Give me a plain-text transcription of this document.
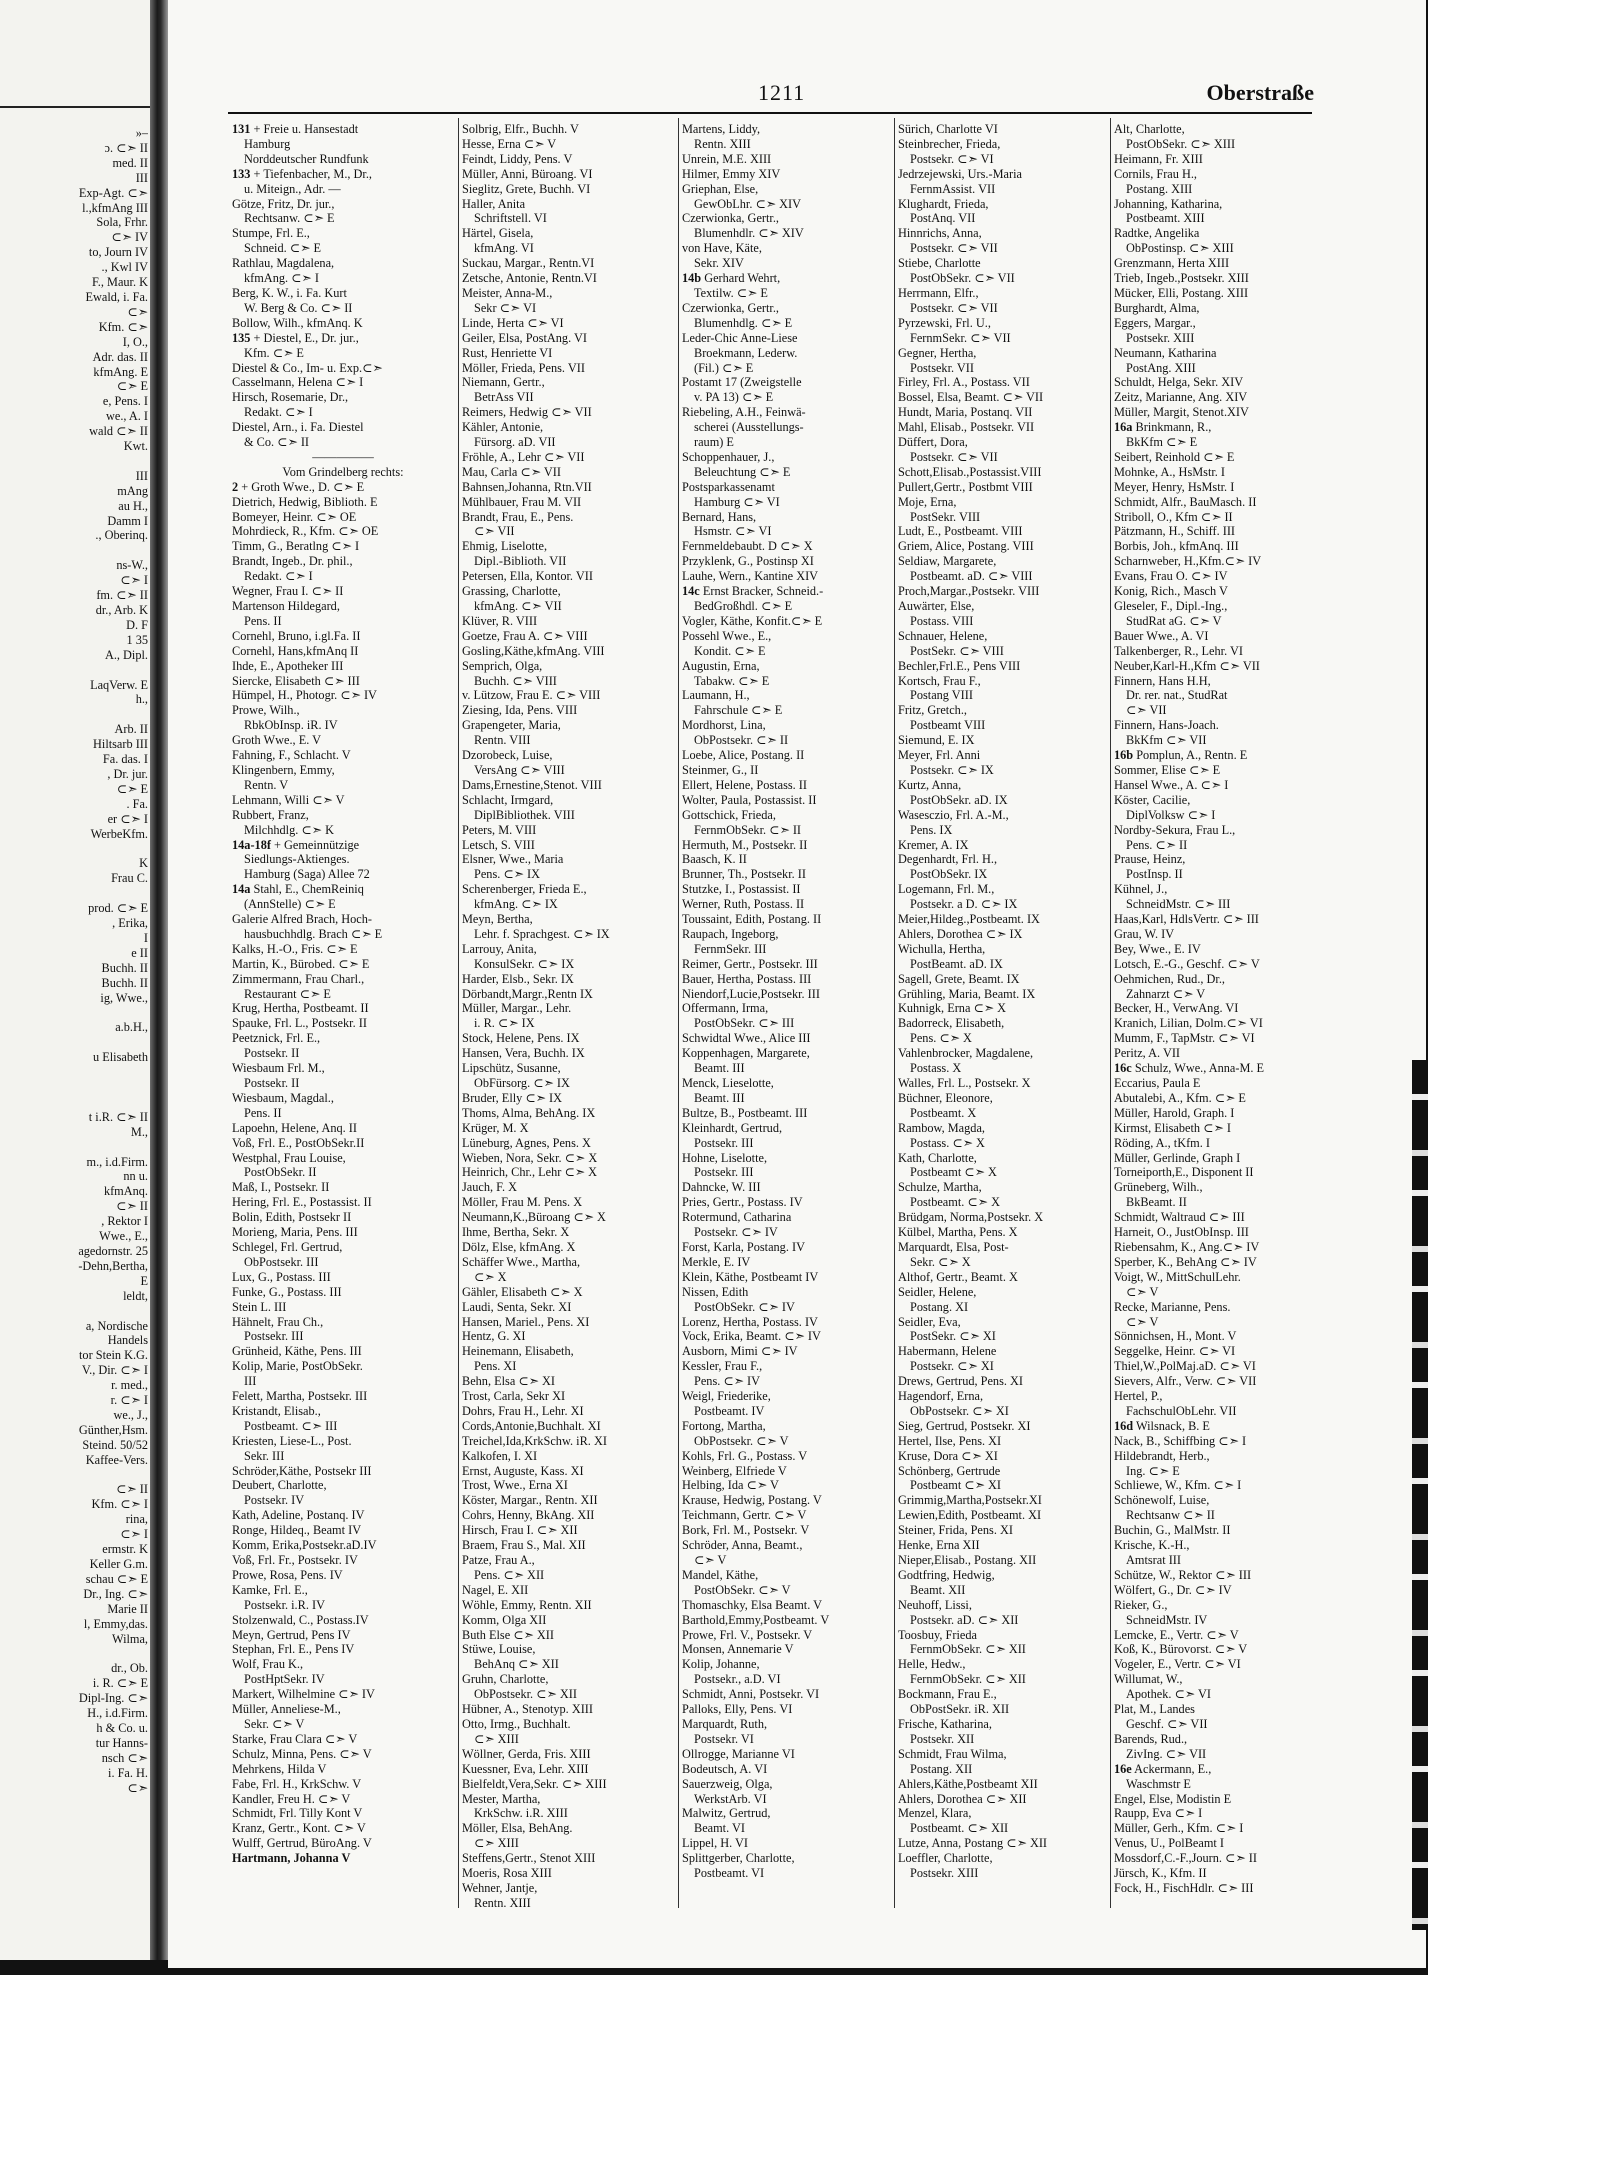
»–
ɔ. ⊂➣ II
med. II
III
Exp-Agt. ⊂➣
l.,kfmAng III
Sola, Frhr.
⊂➣ IV
to, Journ IV
., Kwl IV
F., Maur. K
Ewald, i. Fa.
⊂➣
Kfm. ⊂➣
I, O.,
Adr. das. II
kfmAng. E
⊂➣ E
e, Pens. I
we., A. I
wald ⊂➣ II
Kwt.

III
mAng
au H.,
Damm I
., Oberinq.

ns-W.,
⊂➣ I
fm. ⊂➣ II
dr., Arb. K
D. F
1 35
A., Dipl.

LaqVerw. E
h.,

Arb. II
Hiltsarb III
Fa. das. I
, Dr. jur.
⊂➣ E
. Fa.
er ⊂➣ I
WerbeKfm.

K
Frau C.

prod. ⊂➣ E
, Erika,
I
e II
Buchh. II
Buchh. II
ig, Wwe.,

a.b.H.,

u Elisabeth

t i.R. ⊂➣ II
M.,

m., i.d.Firm.
nn u.
kfmAnq.
⊂➣ II
, Rektor I
Wwe., E.,
agedornstr. 25
-Dehn,Bertha,
E
leldt,

a, Nordische
Handels
tor Stein K.G.
V., Dir. ⊂➣ I
r. med.,
r. ⊂➣ I
we., J.,
Günther,Hsm.
Steind. 50/52
Kaffee-Vers.

⊂➣ II
Kfm. ⊂➣ I
rina,
⊂➣ I
ermstr. K
Keller G.m.
schau ⊂➣ E
Dr., Ing. ⊂➣
Marie II
l, Emmy,das.
Wilma,

dr., Ob.
i. R. ⊂➣ E
Dipl-Ing. ⊂➣
H., i.d.Firm.
h & Co. u.
tur Hanns-
nsch ⊂➣
i. Fa. H.
⊂➣
1211	Oberstraße
131 + Freie u. Hansestadt
Hamburg
Norddeutscher Rundfunk
133 + Tiefenbacher, M., Dr.,
u. Miteign., Adr. —
Götze, Fritz, Dr. jur.,
Rechtsanw. ⊂➣ E
Stumpe, Frl. E.,
Schneid. ⊂➣ E
Rathlau, Magdalena,
kfmAng. ⊂➣ I
Berg, K. W., i. Fa. Kurt
W. Berg & Co. ⊂➣ II
Bollow, Wilh., kfmAnq. K
135 + Diestel, E., Dr. jur.,
Kfm. ⊂➣ E
Diestel & Co., Im- u. Exp.⊂➣
Casselmann, Helena ⊂➣ I
Hirsch, Rosemarie, Dr.,
Redakt. ⊂➣ I
Diestel, Arn., i. Fa. Diestel
& Co. ⊂➣ II
—————
Vom Grindelberg rechts:
2 + Groth Wwe., D. ⊂➣ E
Dietrich, Hedwig, Biblioth. E
Bomeyer, Heinr. ⊂➣ OE
Mohrdieck, R., Kfm. ⊂➣ OE
Timm, G., Beratlng ⊂➣ I
Brandt, Ingeb., Dr. phil.,
Redakt. ⊂➣ I
Wegner, Frau I. ⊂➣ II
Martenson Hildegard,
Pens. II
Cornehl, Bruno, i.gl.Fa. II
Cornehl, Hans,kfmAnq II
Ihde, E., Apotheker III
Siercke, Elisabeth ⊂➣ III
Hümpel, H., Photogr. ⊂➣ IV
Prowe, Wilh.,
RbkObInsp. iR. IV
Groth Wwe., E. V
Fahning, F., Schlacht. V
Klingenbern, Emmy,
Rentn. V
Lehmann, Willi ⊂➣ V
Rubbert, Franz,
Milchhdlg. ⊂➣ K
14a-18f + Gemeinnützige
Siedlungs-Aktienges.
Hamburg (Saga) Allee 72
14a Stahl, E., ChemReiniq
(AnnStelle) ⊂➣ E
Galerie Alfred Brach, Hoch-
hausbuchhdlg. Brach ⊂➣ E
Kalks, H.-O., Fris. ⊂➣ E
Martin, K., Bürobed. ⊂➣ E
Zimmermann, Frau Charl.,
Restaurant ⊂➣ E
Krug, Hertha, Postbeamt. II
Spauke, Frl. L., Postsekr. II
Peetznick, Frl. E.,
Postsekr. II
Wiesbaum Frl. M.,
Postsekr. II
Wiesbaum, Magdal.,
Pens. II
Lapoehn, Helene, Anq. II
Voß, Frl. E., PostObSekr.II
Westphal, Frau Louise,
PostObSekr. II
Maß, I., Postsekr. II
Hering, Frl. E., Postassist. II
Bolin, Edith, Postsekr II
Morieng, Maria, Pens. III
Schlegel, Frl. Gertrud,
ObPostsekr. III
Lux, G., Postass. III
Funke, G., Postass. III
Stein L. III
Hähnelt, Frau Ch.,
Postsekr. III
Grünheid, Käthe, Pens. III
Kolip, Marie, PostObSekr.
III
Felett, Martha, Postsekr. III
Kristandt, Elisab.,
Postbeamt. ⊂➣ III
Kriesten, Liese-L., Post.
Sekr. III
Schröder,Käthe, Postsekr III
Deubert, Charlotte,
Postsekr. IV
Kath, Adeline, Postanq. IV
Ronge, Hildeq., Beamt IV
Komm, Erika,Postsekr.aD.IV
Voß, Frl. Fr., Postsekr. IV
Prowe, Rosa, Pens. IV
Kamke, Frl. E.,
Postsekr. i.R. IV
Stolzenwald, C., Postass.IV
Meyn, Gertrud, Pens IV
Stephan, Frl. E., Pens IV
Wolf, Frau K.,
PostHptSekr. IV
Markert, Wilhelmine ⊂➣ IV
Müller, Anneliese-M.,
Sekr. ⊂➣ V
Starke, Frau Clara ⊂➣ V
Schulz, Minna, Pens. ⊂➣ V
Mehrkens, Hilda V
Fabe, Frl. H., KrkSchw. V
Kandler, Freu H. ⊂➣ V
Schmidt, Frl. Tilly Kont V
Kranz, Gertr., Kont. ⊂➣ V
Wulff, Gertrud, BüroAng. V
Hartmann, Johanna V
Solbrig, Elfr., Buchh. V
Hesse, Erna ⊂➣ V
Feindt, Liddy, Pens. V
Müller, Anni, Büroang. VI
Sieglitz, Grete, Buchh. VI
Haller, Anita
Schriftstell. VI
Härtel, Gisela,
kfmAng. VI
Suckau, Margar., Rentn.VI
Zetsche, Antonie, Rentn.VI
Meister, Anna-M.,
Sekr ⊂➣ VI
Linde, Herta ⊂➣ VI
Geiler, Elsa, PostAng. VI
Rust, Henriette VI
Möller, Frieda, Pens. VII
Niemann, Gertr.,
BetrAss VII
Reimers, Hedwig ⊂➣ VII
Kähler, Antonie,
Fürsorg. aD. VII
Fröhle, A., Lehr ⊂➣ VII
Mau, Carla ⊂➣ VII
Bahnsen,Johanna, Rtn.VII
Mühlbauer, Frau M. VII
Brandt, Frau, E., Pens.
⊂➣ VII
Ehmig, Liselotte,
Dipl.-Biblioth. VII
Petersen, Ella, Kontor. VII
Grassing, Charlotte,
kfmAng. ⊂➣ VII
Klüver, R. VIII
Goetze, Frau A. ⊂➣ VIII
Gosling,Käthe,kfmAng. VIII
Semprich, Olga,
Buchh. ⊂➣ VIII
v. Lützow, Frau E. ⊂➣ VIII
Ziesing, Ida, Pens. VIII
Grapengeter, Maria,
Rentn. VIII
Dzorobeck, Luise,
VersAng ⊂➣ VIII
Dams,Ernestine,Stenot. VIII
Schlacht, Irmgard,
DiplBibliothek. VIII
Peters, M. VIII
Letsch, S. VIII
Elsner, Wwe., Maria
Pens. ⊂➣ IX
Scherenberger, Frieda E.,
kfmAng. ⊂➣ IX
Meyn, Bertha,
Lehr. f. Sprachgest. ⊂➣ IX
Larrouy, Anita,
KonsulSekr. ⊂➣ IX
Harder, Elsb., Sekr. IX
Dörbandt,Margr.,Rentn IX
Müller, Margar., Lehr.
i. R. ⊂➣ IX
Stock, Helene, Pens. IX
Hansen, Vera, Buchh. IX
Lipschütz, Susanne,
ObFürsorg. ⊂➣ IX
Bruder, Elly ⊂➣ IX
Thoms, Alma, BehAng. IX
Krüger, M. X
Lüneburg, Agnes, Pens. X
Wieben, Nora, Sekr. ⊂➣ X
Heinrich, Chr., Lehr ⊂➣ X
Jauch, F. X
Möller, Frau M. Pens. X
Neumann,K.,Büroang ⊂➣ X
Ihme, Bertha, Sekr. X
Dölz, Else, kfmAng. X
Schäffer Wwe., Martha,
⊂➣ X
Gähler, Elisabeth ⊂➣ X
Laudi, Senta, Sekr. XI
Hansen, Mariel., Pens. XI
Hentz, G. XI
Heinemann, Elisabeth,
Pens. XI
Behn, Elsa ⊂➣ XI
Trost, Carla, Sekr XI
Dohrs, Frau H., Lehr. XI
Cords,Antonie,Buchhalt. XI
Treichel,Ida,KrkSchw. iR. XI
Kalkofen, I. XI
Ernst, Auguste, Kass. XI
Trost, Wwe., Erna XI
Köster, Margar., Rentn. XII
Cohrs, Henny, BkAng. XII
Hirsch, Frau I. ⊂➣ XII
Braem, Frau S., Mal. XII
Patze, Frau A.,
Pens. ⊂➣ XII
Nagel, E. XII
Wöhle, Emmy, Rentn. XII
Komm, Olga XII
Buth Else ⊂➣ XII
Stüwe, Louise,
BehAnq ⊂➣ XII
Gruhn, Charlotte,
ObPostsekr. ⊂➣ XII
Hübner, A., Stenotyp. XIII
Otto, Irmg., Buchhalt.
⊂➣ XIII
Wöllner, Gerda, Fris. XIII
Kuessner, Eva, Lehr. XIII
Bielfeldt,Vera,Sekr. ⊂➣ XIII
Mester, Martha,
KrkSchw. i.R. XIII
Möller, Elsa, BehAng.
⊂➣ XIII
Steffens,Gertr., Stenot XIII
Moeris, Rosa XIII
Wehner, Jantje,
Rentn. XIII
Martens, Liddy,
Rentn. XIII
Unrein, M.E. XIII
Hilmer, Emmy XIV
Griephan, Else,
GewObLhr. ⊂➣ XIV
Czerwionka, Gertr.,
Blumenhdlr. ⊂➣ XIV
von Have, Käte,
Sekr. XIV
14b Gerhard Wehrt,
Textilw. ⊂➣ E
Czerwionka, Gertr.,
Blumenhdlg. ⊂➣ E
Leder-Chic Anne-Liese
Broekmann, Lederw.
(Fil.) ⊂➣ E
Postamt 17 (Zweigstelle
v. PA 13) ⊂➣ E
Riebeling, A.H., Feinwä-
scherei (Ausstellungs-
raum) E
Schoppenhauer, J.,
Beleuchtung ⊂➣ E
Postsparkassenamt
Hamburg ⊂➣ VI
Bernard, Hans,
Hsmstr. ⊂➣ VI
Fernmeldebaubt. D ⊂➣ X
Przyklenk, G., Postinsp XI
Lauhe, Wern., Kantine XIV
14c Ernst Bracker, Schneid.-
BedGroßhdl. ⊂➣ E
Vogler, Käthe, Konfit.⊂➣ E
Possehl Wwe., E.,
Kondit. ⊂➣ E
Augustin, Erna,
Tabakw. ⊂➣ E
Laumann, H.,
Fahrschule ⊂➣ E
Mordhorst, Lina,
ObPostsekr. ⊂➣ II
Loebe, Alice, Postang. II
Steinmer, G., II
Ellert, Helene, Postass. II
Wolter, Paula, Postassist. II
Gottschick, Frieda,
FernmObSekr. ⊂➣ II
Hermuth, M., Postsekr. II
Baasch, K. II
Brunner, Th., Postsekr. II
Stutzke, I., Postassist. II
Werner, Ruth, Postass. II
Toussaint, Edith, Postang. II
Raupach, Ingeborg,
FernmSekr. III
Reimer, Gertr., Postsekr. III
Bauer, Hertha, Postass. III
Niendorf,Lucie,Postsekr. III
Offermann, Irma,
PostObSekr. ⊂➣ III
Schwidtal Wwe., Alice III
Koppenhagen, Margarete,
Beamt. III
Menck, Lieselotte,
Beamt. III
Bultze, B., Postbeamt. III
Kleinhardt, Gertrud,
Postsekr. III
Hohne, Liselotte,
Postsekr. III
Dahncke, W. III
Pries, Gertr., Postass. IV
Rotermund, Catharina
Postsekr. ⊂➣ IV
Forst, Karla, Postang. IV
Merkle, E. IV
Klein, Käthe, Postbeamt IV
Nissen, Edith
PostObSekr. ⊂➣ IV
Lorenz, Hertha, Postass. IV
Vock, Erika, Beamt. ⊂➣ IV
Ausborn, Mimi ⊂➣ IV
Kessler, Frau F.,
Pens. ⊂➣ IV
Weigl, Friederike,
Postbeamt. IV
Fortong, Martha,
ObPostsekr. ⊂➣ V
Kohls, Frl. G., Postass. V
Weinberg, Elfriede V
Helbing, Ida ⊂➣ V
Krause, Hedwig, Postang. V
Teichmann, Gertr. ⊂➣ V
Bork, Frl. M., Postsekr. V
Schröder, Anna, Beamt.,
⊂➣ V
Mandel, Käthe,
PostObSekr. ⊂➣ V
Thomaschky, Elsa Beamt. V
Barthold,Emmy,Postbeamt. V
Prowe, Frl. V., Postsekr. V
Monsen, Annemarie V
Kolip, Johanne,
Postsekr., a.D. VI
Schmidt, Anni, Postsekr. VI
Palloks, Elly, Pens. VI
Marquardt, Ruth,
Postsekr. VI
Ollrogge, Marianne VI
Bodeutsch, A. VI
Sauerzweig, Olga,
WerkstArb. VI
Malwitz, Gertrud,
Beamt. VI
Lippel, H. VI
Splittgerber, Charlotte,
Postbeamt. VI
Sürich, Charlotte VI
Steinbrecher, Frieda,
Postsekr. ⊂➣ VI
Jedrzejewski, Urs.-Maria
FernmAssist. VII
Klughardt, Frieda,
PostAnq. VII
Hinnrichs, Anna,
Postsekr. ⊂➣ VII
Stiebe, Charlotte
PostObSekr. ⊂➣ VII
Herrmann, Elfr.,
Postsekr. ⊂➣ VII
Pyrzewski, Frl. U.,
FernmSekr. ⊂➣ VII
Gegner, Hertha,
Postsekr. VII
Firley, Frl. A., Postass. VII
Bossel, Elsa, Beamt. ⊂➣ VII
Hundt, Maria, Postanq. VII
Mahl, Elisab., Postsekr. VII
Düffert, Dora,
Postsekr. ⊂➣ VII
Schott,Elisab.,Postassist.VIII
Pullert,Gertr., Postbmt VIII
Moje, Erna,
PostSekr. VIII
Ludt, E., Postbeamt. VIII
Griem, Alice, Postang. VIII
Seldiaw, Margarete,
Postbeamt. aD. ⊂➣ VIII
Proch,Margar.,Postsekr. VIII
Auwärter, Else,
Postass. VIII
Schnauer, Helene,
PostSekr. ⊂➣ VIII
Bechler,Frl.E., Pens VIII
Kortsch, Frau F.,
Postang VIII
Fritz, Gretch.,
Postbeamt VIII
Siemund, E. IX
Meyer, Frl. Anni
Postsekr. ⊂➣ IX
Kurtz, Anna,
PostObSekr. aD. IX
Wasesczio, Frl. A.-M.,
Pens. IX
Kremer, A. IX
Degenhardt, Frl. H.,
PostObSekr. IX
Logemann, Frl. M.,
Postsekr. a D. ⊂➣ IX
Meier,Hildeg.,Postbeamt. IX
Ahlers, Dorothea ⊂➣ IX
Wichulla, Hertha,
PostBeamt. aD. IX
Sagell, Grete, Beamt. IX
Grühling, Maria, Beamt. IX
Kuhnigk, Erna ⊂➣ X
Badorreck, Elisabeth,
Pens. ⊂➣ X
Vahlenbrocker, Magdalene,
Postass. X
Walles, Frl. L., Postsekr. X
Büchner, Eleonore,
Postbeamt. X
Rambow, Magda,
Postass. ⊂➣ X
Kath, Charlotte,
Postbeamt ⊂➣ X
Schulze, Martha,
Postbeamt. ⊂➣ X
Brüdgam, Norma,Postsekr. X
Külbel, Martha, Pens. X
Marquardt, Elsa, Post-
Sekr. ⊂➣ X
Althof, Gertr., Beamt. X
Seidler, Helene,
Postang. XI
Seidler, Eva,
PostSekr. ⊂➣ XI
Habermann, Helene
Postsekr. ⊂➣ XI
Drews, Gertrud, Pens. XI
Hagendorf, Erna,
ObPostsekr. ⊂➣ XI
Sieg, Gertrud, Postsekr. XI
Hertel, Ilse, Pens. XI
Kruse, Dora ⊂➣ XI
Schönberg, Gertrude
Postbeamt ⊂➣ XI
Grimmig,Martha,Postsekr.XI
Lewien,Edith, Postbeamt. XI
Steiner, Frida, Pens. XI
Henke, Erna XII
Nieper,Elisab., Postang. XII
Godtfring, Hedwig,
Beamt. XII
Neuhoff, Lissi,
Postsekr. aD. ⊂➣ XII
Toosbuy, Frieda
FernmObSekr. ⊂➣ XII
Helle, Hedw.,
FernmObSekr. ⊂➣ XII
Bockmann, Frau E.,
ObPostSekr. iR. XII
Frische, Katharina,
Postsekr. XII
Schmidt, Frau Wilma,
Postang. XII
Ahlers,Käthe,Postbeamt XII
Ahlers, Dorothea ⊂➣ XII
Menzel, Klara,
Postbeamt. ⊂➣ XII
Lutze, Anna, Postang ⊂➣ XII
Loeffler, Charlotte,
Postsekr. XIII
Alt, Charlotte,
PostObSekr. ⊂➣ XIII
Heimann, Fr. XIII
Cornils, Frau H.,
Postang. XIII
Johanning, Katharina,
Postbeamt. XIII
Radtke, Angelika
ObPostinsp. ⊂➣ XIII
Grenzmann, Herta XIII
Trieb, Ingeb.,Postsekr. XIII
Mücker, Elli, Postang. XIII
Burghardt, Alma,
Eggers, Margar.,
Postsekr. XIII
Neumann, Katharina
PostAng. XIII
Schuldt, Helga, Sekr. XIV
Zeitz, Marianne, Ang. XIV
Müller, Margit, Stenot.XIV
16a Brinkmann, R.,
BkKfm ⊂➣ E
Seibert, Reinhold ⊂➣ E
Mohnke, A., HsMstr. I
Meyer, Henry, HsMstr. I
Schmidt, Alfr., BauMasch. II
Striboll, O., Kfm ⊂➣ II
Pätzmann, H., Schiff. III
Borbis, Joh., kfmAnq. III
Scharnweber, H.,Kfm.⊂➣ IV
Evans, Frau O. ⊂➣ IV
Konig, Rich., Masch V
Gleseler, F., Dipl.-Ing.,
StudRat aG. ⊂➣ V
Bauer Wwe., A. VI
Talkenberger, R., Lehr. VI
Neuber,Karl-H.,Kfm ⊂➣ VII
Finnern, Hans H.H,
Dr. rer. nat., StudRat
⊂➣ VII
Finnern, Hans-Joach.
BkKfm ⊂➣ VII
16b Pomplun, A., Rentn. E
Sommer, Elise ⊂➣ E
Hansel Wwe., A. ⊂➣ I
Köster, Cacilie,
DiplVolksw ⊂➣ I
Nordby-Sekura, Frau L.,
Pens. ⊂➣ II
Prause, Heinz,
PostInsp. II
Kühnel, J.,
SchneidMstr. ⊂➣ III
Haas,Karl, HdlsVertr. ⊂➣ III
Grau, W. IV
Bey, Wwe., E. IV
Lotsch, E.-G., Geschf. ⊂➣ V
Oehmichen, Rud., Dr.,
Zahnarzt ⊂➣ V
Becker, H., VerwAng. VI
Kranich, Lilian, Dolm.⊂➣ VI
Mumm, F., TapMstr. ⊂➣ VI
Peritz, A. VII
16c Schulz, Wwe., Anna-M. E
Eccarius, Paula E
Abutalebi, A., Kfm. ⊂➣ E
Müller, Harold, Graph. I
Kirmst, Elisabeth ⊂➣ I
Röding, A., tKfm. I
Müller, Gerlinde, Graph I
Torneiporth,E., Disponent II
Grüneberg, Wilh.,
BkBeamt. II
Schmidt, Waltraud ⊂➣ III
Harneit, O., JustObInsp. III
Riebensahm, K., Ang.⊂➣ IV
Sperber, K., BehAng ⊂➣ IV
Voigt, W., MittSchulLehr.
⊂➣ V
Recke, Marianne, Pens.
⊂➣ V
Sönnichsen, H., Mont. V
Seggelke, Heinr. ⊂➣ VI
Thiel,W.,PolMaj.aD. ⊂➣ VI
Sievers, Alfr., Verw. ⊂➣ VII
Hertel, P.,
FachschulObLehr. VII
16d Wilsnack, B. E
Nack, B., Schiffbing ⊂➣ I
Hildebrandt, Herb.,
Ing. ⊂➣ E
Schliewe, W., Kfm. ⊂➣ I
Schönewolf, Luise,
Rechtsanw ⊂➣ II
Buchin, G., MalMstr. II
Krische, K.-H.,
Amtsrat III
Schütze, W., Rektor ⊂➣ III
Wölfert, G., Dr. ⊂➣ IV
Rieker, G.,
SchneidMstr. IV
Lemcke, E., Vertr. ⊂➣ V
Koß, K., Bürovorst. ⊂➣ V
Vogeler, E., Vertr. ⊂➣ VI
Willumat, W.,
Apothek. ⊂➣ VI
Plat, M., Landes
Geschf. ⊂➣ VII
Barends, Rud.,
ZivIng. ⊂➣ VII
16e Ackermann, E.,
Waschmstr E
Engel, Else, Modistin E
Raupp, Eva ⊂➣ I
Müller, Gerh., Kfm. ⊂➣ I
Venus, U., PolBeamt I
Mossdorf,C.-F.,Journ. ⊂➣ II
Jürsch, K., Kfm. II
Fock, H., FischHdlr. ⊂➣ III
